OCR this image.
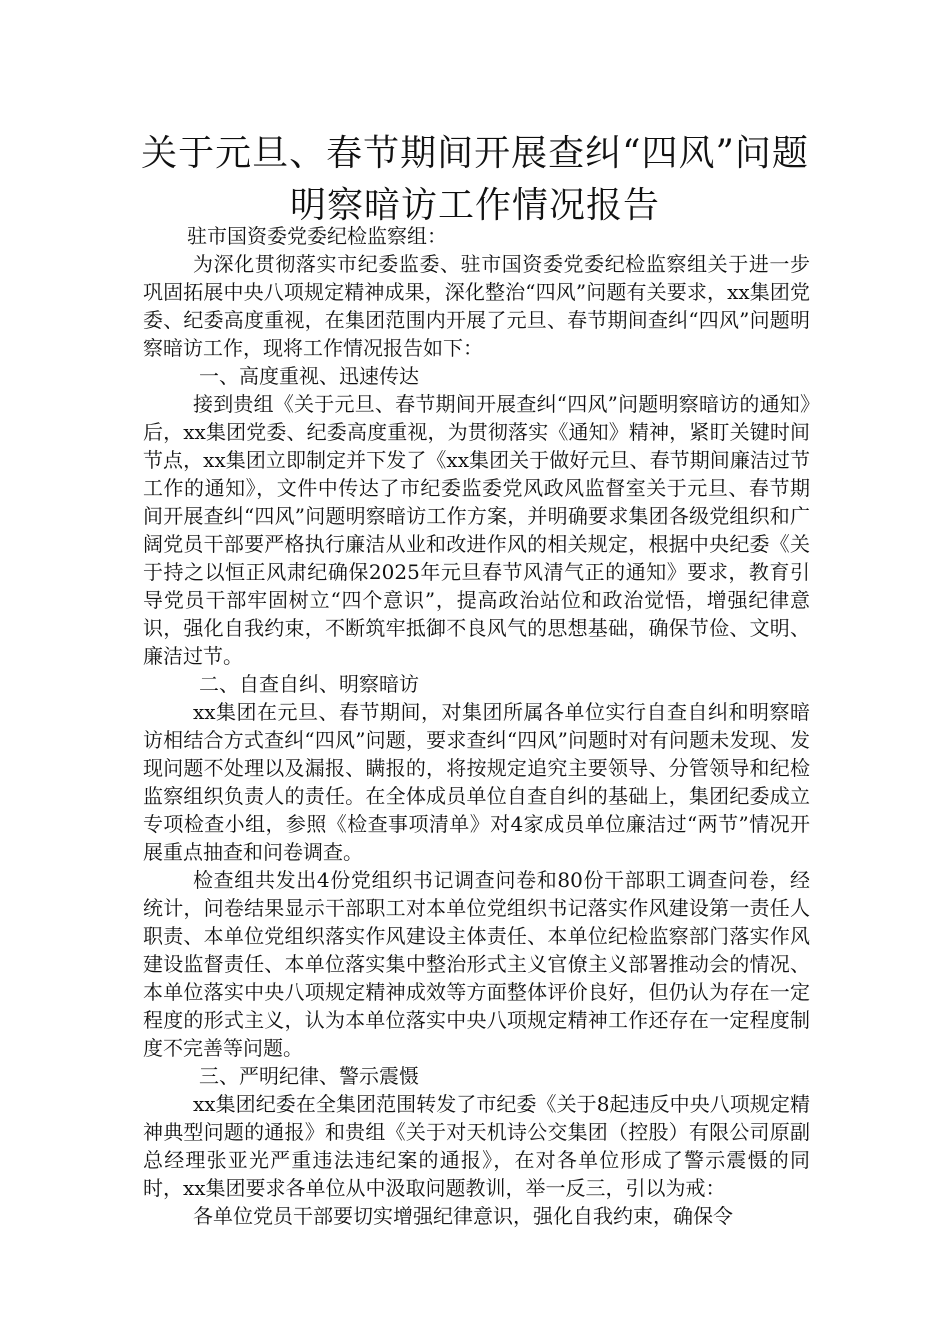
关于元旦、春节期间开展查纠“四风”问题明察暗访工作情况报告

驻市国资委党委纪检监察组：

为深化贯彻落实市纪委监委、驻市国资委党委纪检监察组关于进一步巩固拓展中央八项规定精神成果，深化整治“四风”问题有关要求，xx集团党委、纪委高度重视，在集团范围内开展了元旦、春节期间查纠“四风”问题明察暗访工作，现将工作情况报告如下：

一、高度重视、迅速传达

接到贵组《关于元旦、春节期间开展查纠“四风”问题明察暗访的通知》后，xx集团党委、纪委高度重视，为贯彻落实《通知》精神，紧盯关键时间节点，xx集团立即制定并下发了《xx集团关于做好元旦、春节期间廉洁过节工作的通知》，文件中传达了市纪委监委党风政风监督室关于元旦、春节期间开展查纠“四风”问题明察暗访工作方案，并明确要求集团各级党组织和广阔党员干部要严格执行廉洁从业和改进作风的相关规定，根据中央纪委《关于持之以恒正风肃纪确保2025年元旦春节风清气正的通知》要求，教育引导党员干部牢固树立“四个意识”，提高政治站位和政治觉悟，增强纪律意识，强化自我约束，不断筑牢抵御不良风气的思想基础，确保节俭、文明、廉洁过节。

二、自查自纠、明察暗访

xx集团在元旦、春节期间，对集团所属各单位实行自查自纠和明察暗访相结合方式查纠“四风”问题，要求查纠“四风”问题时对有问题未发现、发现问题不处理以及漏报、瞒报的，将按规定追究主要领导、分管领导和纪检监察组织负责人的责任。在全体成员单位自查自纠的基础上，集团纪委成立专项检查小组，参照《检查事项清单》对4家成员单位廉洁过“两节”情况开展重点抽查和问卷调查。

检查组共发出4份党组织书记调查问卷和80份干部职工调查问卷，经统计，问卷结果显示干部职工对本单位党组织书记落实作风建设第一责任人职责、本单位党组织落实作风建设主体责任、本单位纪检监察部门落实作风建设监督责任、本单位落实集中整治形式主义官僚主义部署推动会的情况、本单位落实中央八项规定精神成效等方面整体评价良好，但仍认为存在一定程度的形式主义，认为本单位落实中央八项规定精神工作还存在一定程度制度不完善等问题。

三、严明纪律、警示震慑

xx集团纪委在全集团范围转发了市纪委《关于8起违反中央八项规定精神典型问题的通报》和贵组《关于对天机诗公交集团（控股）有限公司原副总经理张亚光严重违法违纪案的通报》，在对各单位形成了警示震慑的同时，xx集团要求各单位从中汲取问题教训，举一反三，引以为戒：

各单位党员干部要切实增强纪律意识，强化自我约束，确保令
